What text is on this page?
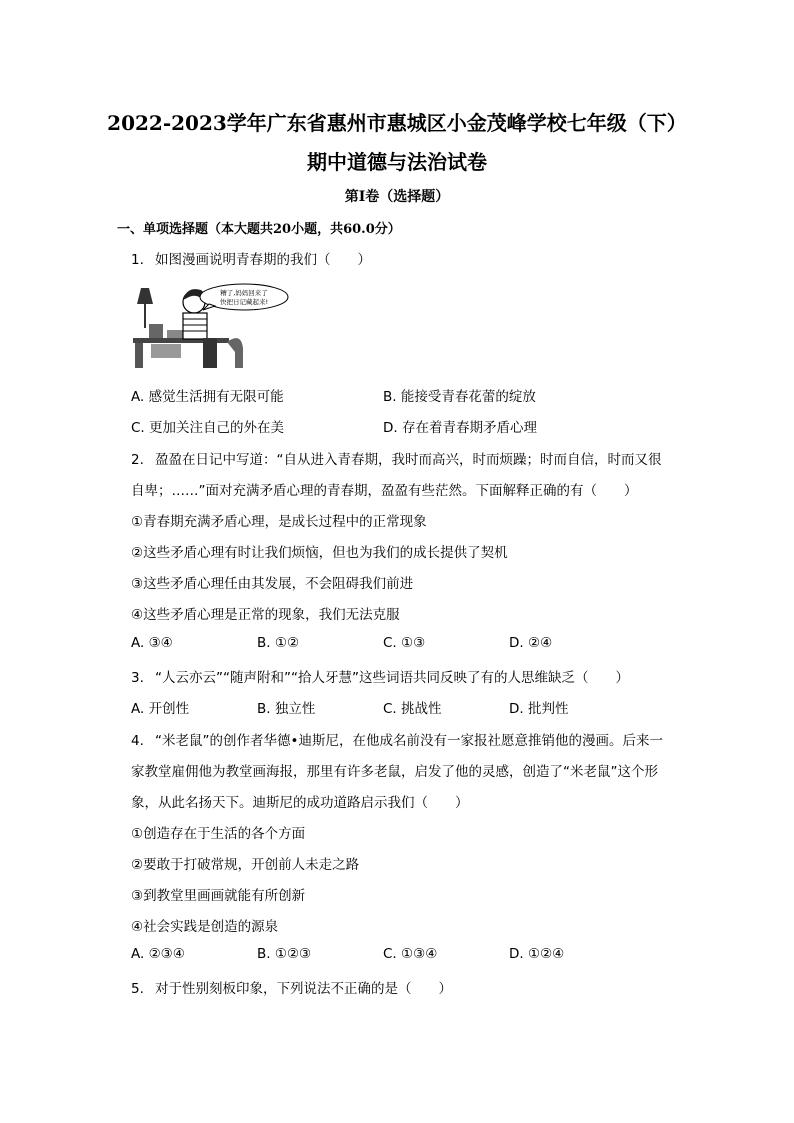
2022-2023学年广东省惠州市惠城区小金茂峰学校七年级（下）
期中道德与法治试卷
第I卷（选择题）
一、单项选择题（本大题共20小题，共60.0分）
1. 如图漫画说明青春期的我们（　　）
糟了,妈妈回来了
快把日记藏起来!
A. 感觉生活拥有无限可能	B. 能接受青春花蕾的绽放
C. 更加关注自己的外在美	D. 存在着青春期矛盾心理
2. 盈盈在日记中写道：“自从进入青春期，我时而高兴，时而烦躁；时而自信，时而又很
自卑；……”面对充满矛盾心理的青春期，盈盈有些茫然。下面解释正确的有（　　）
①青春期充满矛盾心理，是成长过程中的正常现象
②这些矛盾心理有时让我们烦恼，但也为我们的成长提供了契机
③这些矛盾心理任由其发展，不会阻碍我们前进
④这些矛盾心理是正常的现象，我们无法克服
A. ③④	B. ①②	C. ①③	D. ②④
3. “人云亦云”“随声附和”“拾人牙慧”这些词语共同反映了有的人思维缺乏（　　）
A. 开创性	B. 独立性	C. 挑战性	D. 批判性
4. “米老鼠”的创作者华德•迪斯尼，在他成名前没有一家报社愿意推销他的漫画。后来一
家教堂雇佣他为教堂画海报，那里有许多老鼠，启发了他的灵感，创造了“米老鼠”这个形
象，从此名扬天下。迪斯尼的成功道路启示我们（　　）
①创造存在于生活的各个方面
②要敢于打破常规，开创前人未走之路
③到教堂里画画就能有所创新
④社会实践是创造的源泉
A. ②③④	B. ①②③	C. ①③④	D. ①②④
5. 对于性别刻板印象，下列说法不正确的是（　　）
